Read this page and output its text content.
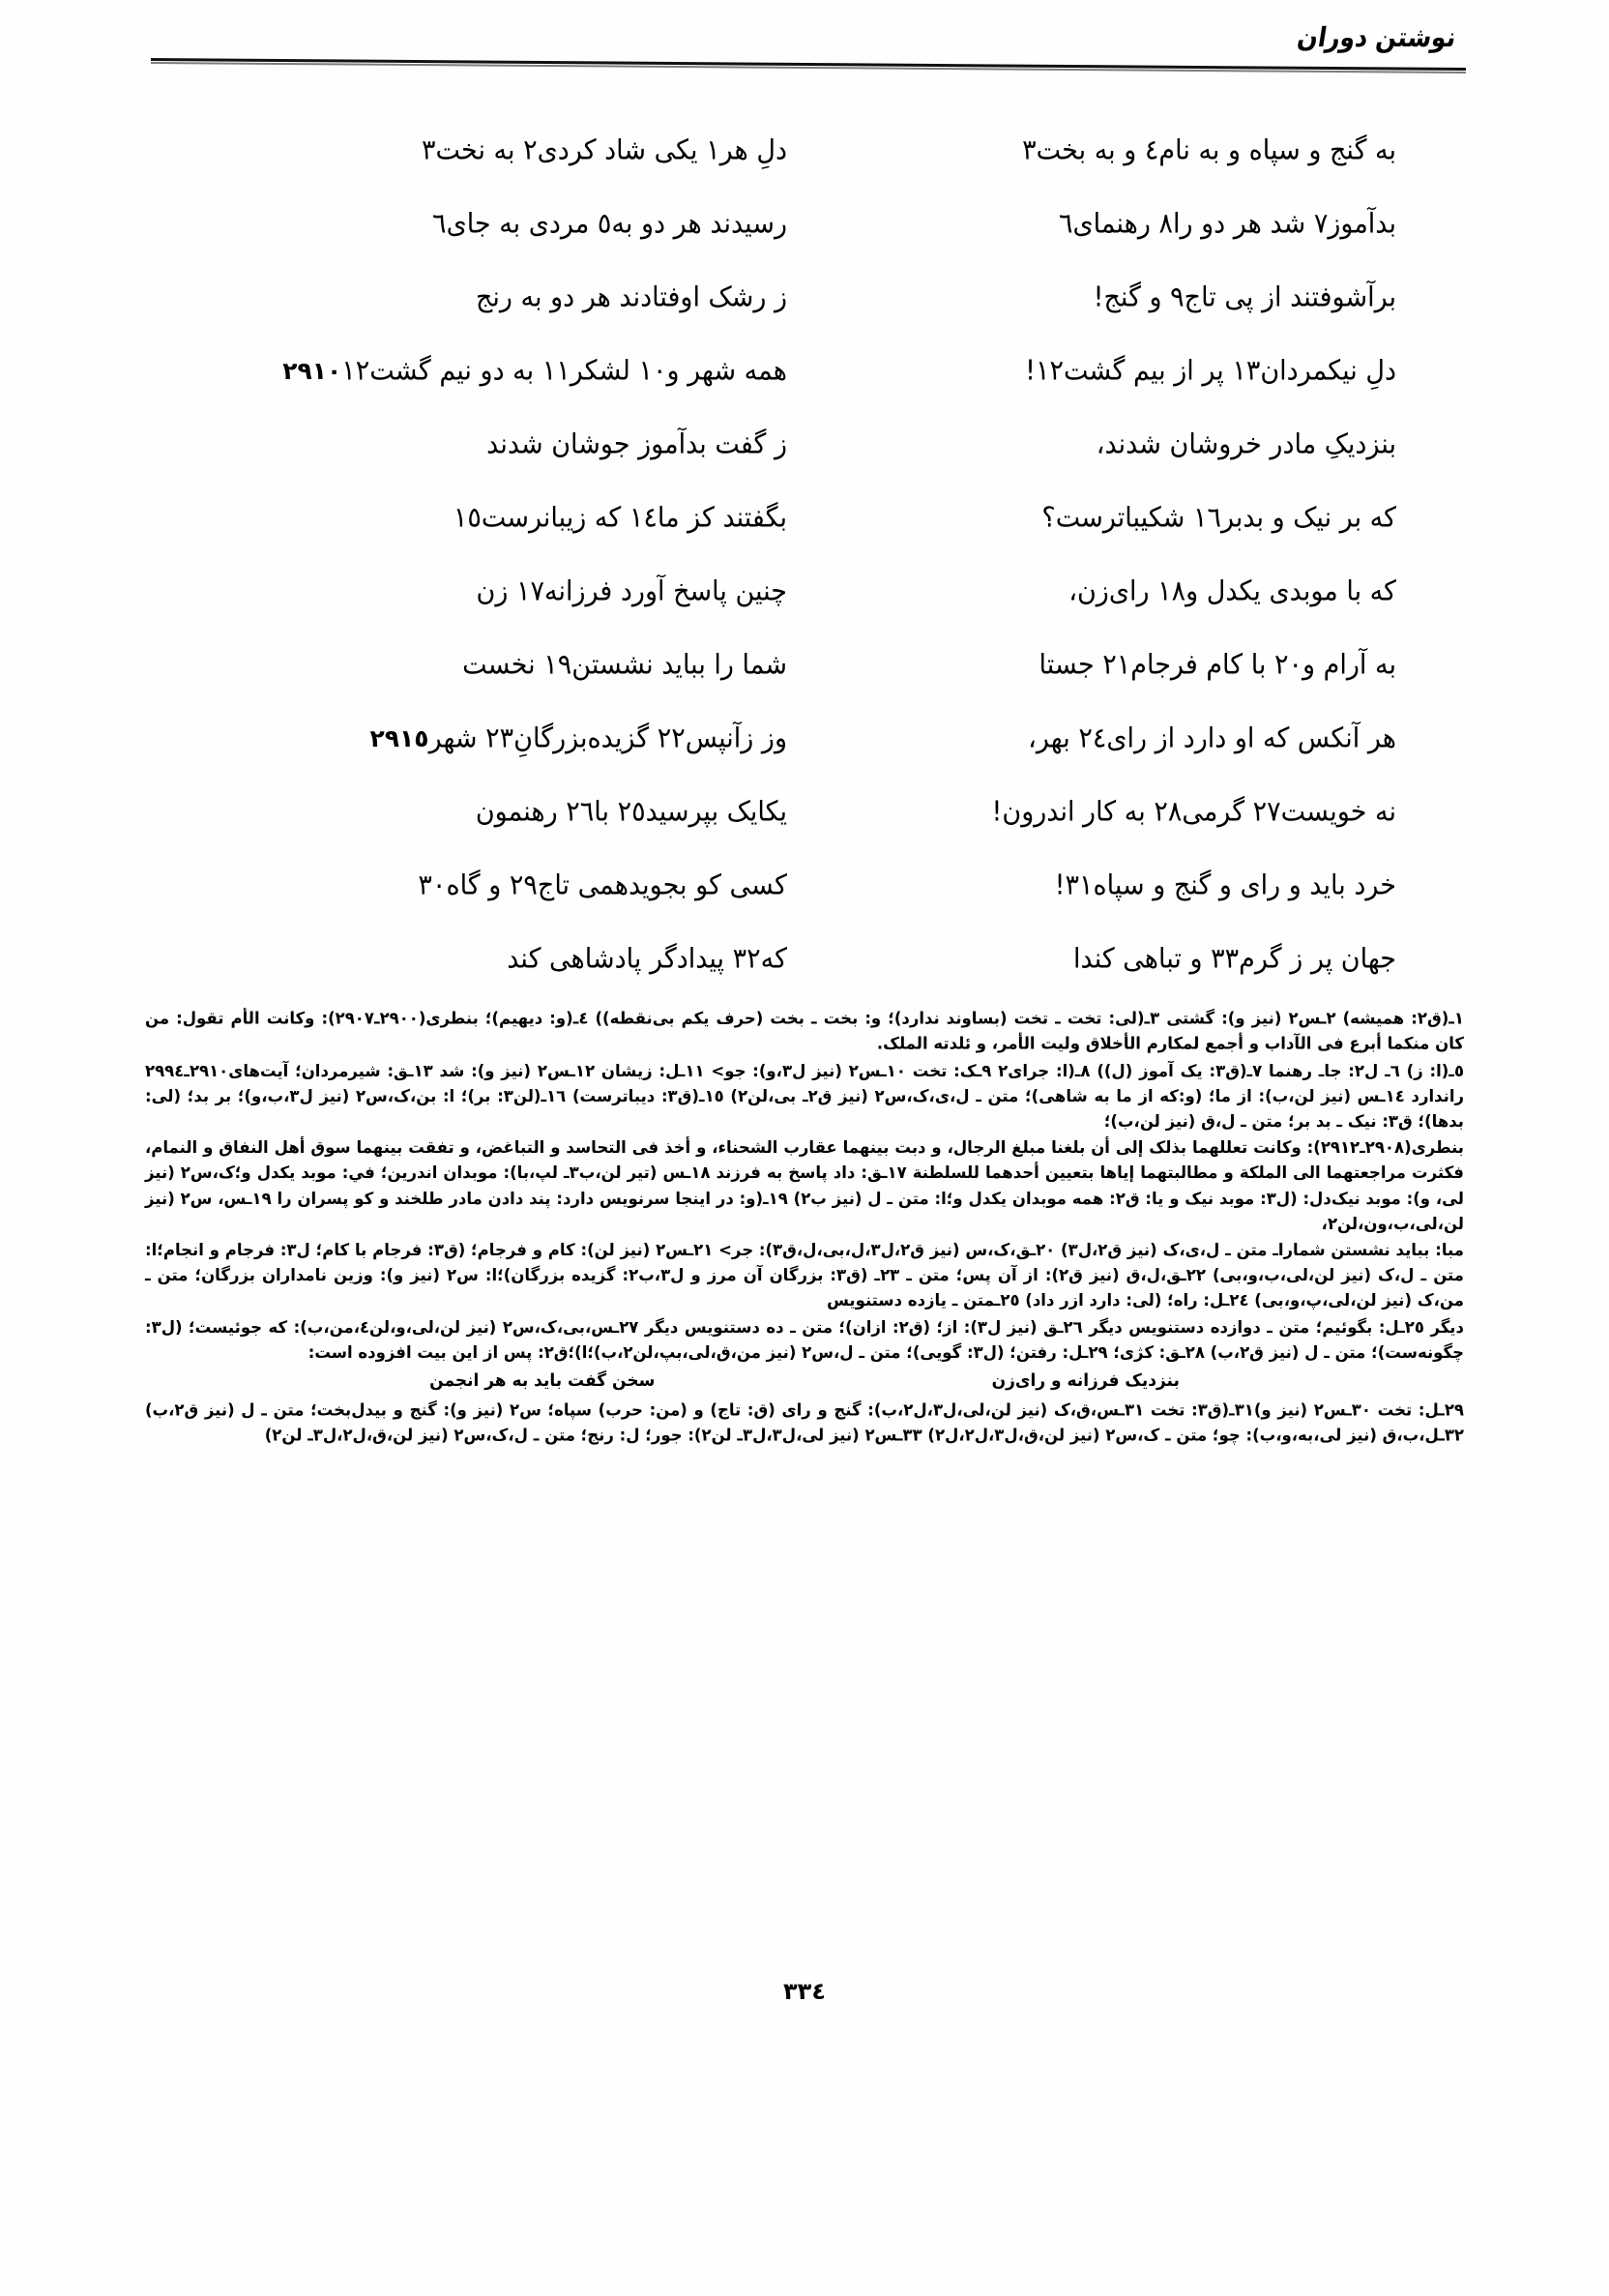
نوشتن دوران
به گنج و سپاه و به نام٤ و به بخت٣
دلِ هر١ یکی شاد کردی٢ به نخت٣
بدآموز٧ شد هر دو را٨ رهنمای٦
رسیدند هر دو به٥ مردی به جای٦
برآشوفتند از پی تاج٩ و گنج!
ز رشک اوفتادند هر دو به رنج
دلِ نیکمردان١٣ پر از بیم گشت١٢!
همه شهر و١٠ لشکر١١ به دو نیم گشت١٢٢٩١٠
بنزدیکِ مادر خروشان شدند،
ز گفت بدآموز جوشان شدند
که بر نیک و بدبر١٦ شکیباترست؟
بگفتند کز ما١٤ که زیبانرست١٥
که با موبدی یکدل و١٨ رای‌زن،
چنین پاسخ آورد فرزانه١٧ زن
به آرام و٢٠ با کام فرجام٢١ جستا
شما را بباید نشستن١٩ نخست
هر آنکس که او دارد از رای٢٤ بهر،
وز زآنپس٢٢ گزیده‌بزرگانِ٢٣ شهر٢٩١٥
نه خویست٢٧ گرمی٢٨ به کار اندرون!
یکایک بپرسید٢٥ با٢٦ رهنمون
خرد باید و رای و گنج و سپاه٣١!
کسی کو بجویدهمی تاج٢٩ و گاه٣٠
جهان پر ز گرم٣٣ و تباهی کندا
که٣٢ پیدادگر پادشاهی کند
١ـ(ق٢: همیشه) ٢ـس٢ (نیز و): گشتی ٣ـ(لی: تخت ـ تخت (بساوند ندارد)؛ و: بخت ـ بخت (حرف یکم بی‌نقطه)) ٤ـ(و: دیهیم)؛ بنطری(٢٩٠٠ـ٢٩٠٧): وکانت الأم تقول: من کان منکما أبرع فی الآداب و أجمع لمکارم الأخلاق ولیت الأمر، و ئلدته الملک.
٥ـ(ا: ز) ٦ـ ل٢: جاـ رهنما ٧ـ(ق٣: یک آموز (ل)) ٨ـ(ا: جرای٢ ٩ـک: تخت ١٠ـس٢ (نیز ل٣،و): جو> ١١ـل: زیشان ١٢ـس٢ (نیز و): شد ١٣ـق: شیرمردان؛ آیت‌های٢٩١٠ـ٢٩٩٤ راندارد ١٤ـس (نیز لن،ب): از ما؛ (و:که از ما به شاهی)؛ متن ـ ل،ی،ک،س٢ (نیز ق٢ـ بی،لن٢) ١٥ـ(ق٣: دیباترست) ١٦ـ(لن٣: بر)؛ ا: بن،ک،س٢ (نیز ل٣،ب،و)؛ بر بد؛ (لی: بدها)؛ ق٣: نیک ـ بد بر؛ متن ـ ل،ق (نیز لن،ب)؛
بنطری(٢٩٠٨ـ٢٩١٢): وکانت تعللهما بذلک إلی أن بلغنا مبلغ الرجال، و دبت بینهما عقارب الشحناء، و أخذ فی التحاسد و التباغض، و تفقت بینهما سوق أهل النفاق و النمام، فکثرت مراجعتهما الی الملکة و مطالبتهما إیاها بتعیین أحدهما للسلطنة ١٧ـق: داد پاسخ به فرزند ١٨ـس (تیر لن،ب٣ـ لپ،با): موبدان اندرین؛ في: موبد یکدل و؛ک،س٢ (نیز لی، و): موبد نیک‌دل: (ل٣: موبد نیک و یا: ق٢: همه موبدان یکدل و؛ا: متن ـ ل (نیز ب٢) ١٩ـ(و: در اینجا سرنویس دارد: پند دادن مادر طلخند و کو پسران را ١٩ـس، س٢ (نیز لن،لی،ب،ون،لن٢،
مبا: بباید نشستن شماراـ متن ـ ل،ی،ک (نیز ق٢،ل٣) ٢٠ـق،ک،س (نیز ق٢،ل٣،ل،بی،ل،ق٣): جر> ٢١ـس٢ (نیز لن): کام و فرجام؛ (ق٣: فرجام با کام؛ ل٣: فرجام و انجام؛ا: متن ـ ل،ک (نیز لن،لی،ب،و،بی) ٢٢ـق،ل،ق (نیز ق٢): از آن پس؛ متن ـ ٢٣ـ (ق٣: بزرگان آن مرز و ل٣،ب٢: گزیده بزرگان)؛ا: س٢ (نیز و): وزین نامداران بزرگان؛ متن ـ من،ک (نیز لن،لی،پ،و،بی) ٢٤ـل: راه؛ (لی: دارد ازر داد) ٢٥ـمتن ـ یازده دستنویس
دیگر ٢٥ـل: بگوئیم؛ متن ـ دوازده دستنویس دیگر ٢٦ـق (نیز ل٣): از؛ (ق٢: ازان)؛ متن ـ ده دستنویس دیگر ٢٧ـس،بی،ک،س٢ (نیز لن،لی،و،لن٤،من،ب): که جوئیست؛ (ل٣: چگونه‌ست)؛ متن ـ ل (نیز ق٢،ب) ٢٨ـق: کژی؛ ٢٩ـل: رفتن؛ (ل٣: گویی)؛ متن ـ ل،س٢ (نیز من،ق،لی،بپ،لن٢،ب)؛ا)؛ق٢: پس از این بیت افزوده است:
بنزدیک فرزانه و رای‌زن
سخن گفت باید به هر انجمن
٢٩ـل: تخت ٣٠ـس٢ (نیز و)٣١ـ(ق٣: تخت ٣١ـس،ق،ک (نیز لن،لی،ل٣،ل٢،ب): گنج و رای (ق: تاج) و (من: حرب) سپاه؛ س٢ (نیز و): گنج و بیدل‌بخت؛ متن ـ ل (نیز ق٢،ب) ٣٢ـل،ب،ق (نیز لی،به،و،ب): چو؛ متن ـ ک،س٢ (نیز لن،ق،ل٣،ل٢،ل٢) ٣٣ـس٢ (نیز لی،ل٣،ل٣ـ لن٢): جور؛ ل: رنج؛ متن ـ ل،ک،س٢ (نیز لن،ق،ل٢،ل٣ـ لن٢)
٣٣٤
